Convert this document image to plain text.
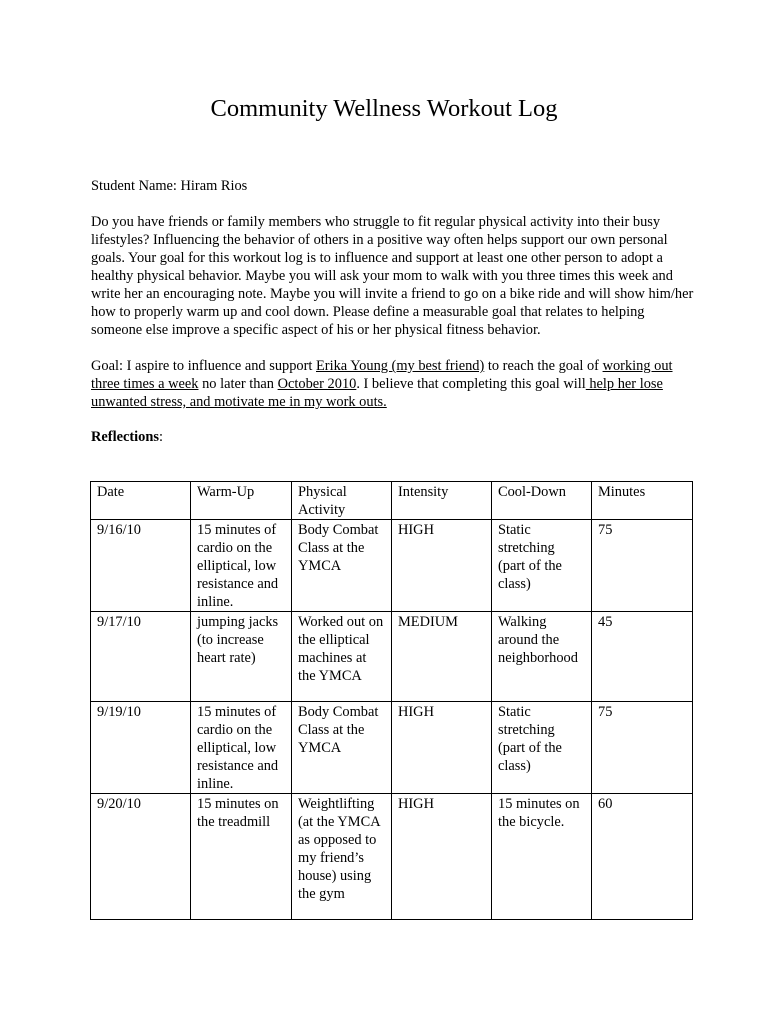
Community Wellness Workout Log

Student Name: Hiram Rios

Do you have friends or family members who struggle to fit regular physical activity into their busy lifestyles? Influencing the behavior of others in a positive way often helps support our own personal goals. Your goal for this workout log is to influence and support at least one other person to adopt a healthy physical behavior. Maybe you will ask your mom to walk with you three times this week and write her an encouraging note. Maybe you will invite a friend to go on a bike ride and will show him/her how to properly warm up and cool down. Please define a measurable goal that relates to helping someone else improve a specific aspect of his or her physical fitness behavior.

Goal: I aspire to influence and support Erika Young (my best friend) to reach the goal of working out three times a week no later than October 2010. I believe that completing this goal will help her lose unwanted stress, and motivate me in my work outs.

Reflections:

Date	Warm-Up	Physical Activity	Intensity	Cool-Down	Minutes
9/16/10	15 minutes of cardio on the elliptical, low resistance and inline.	Body Combat Class at the YMCA	HIGH	Static stretching (part of the class)	75
9/17/10	jumping jacks (to increase heart rate)	Worked out on the elliptical machines at the YMCA	MEDIUM	Walking around the neighborhood	45
9/19/10	15 minutes of cardio on the elliptical, low resistance and inline.	Body Combat Class at the YMCA	HIGH	Static stretching (part of the class)	75
9/20/10	15 minutes on the treadmill	Weightlifting (at the YMCA as opposed to my friend’s house) using the gym	HIGH	15 minutes on the bicycle.	60
